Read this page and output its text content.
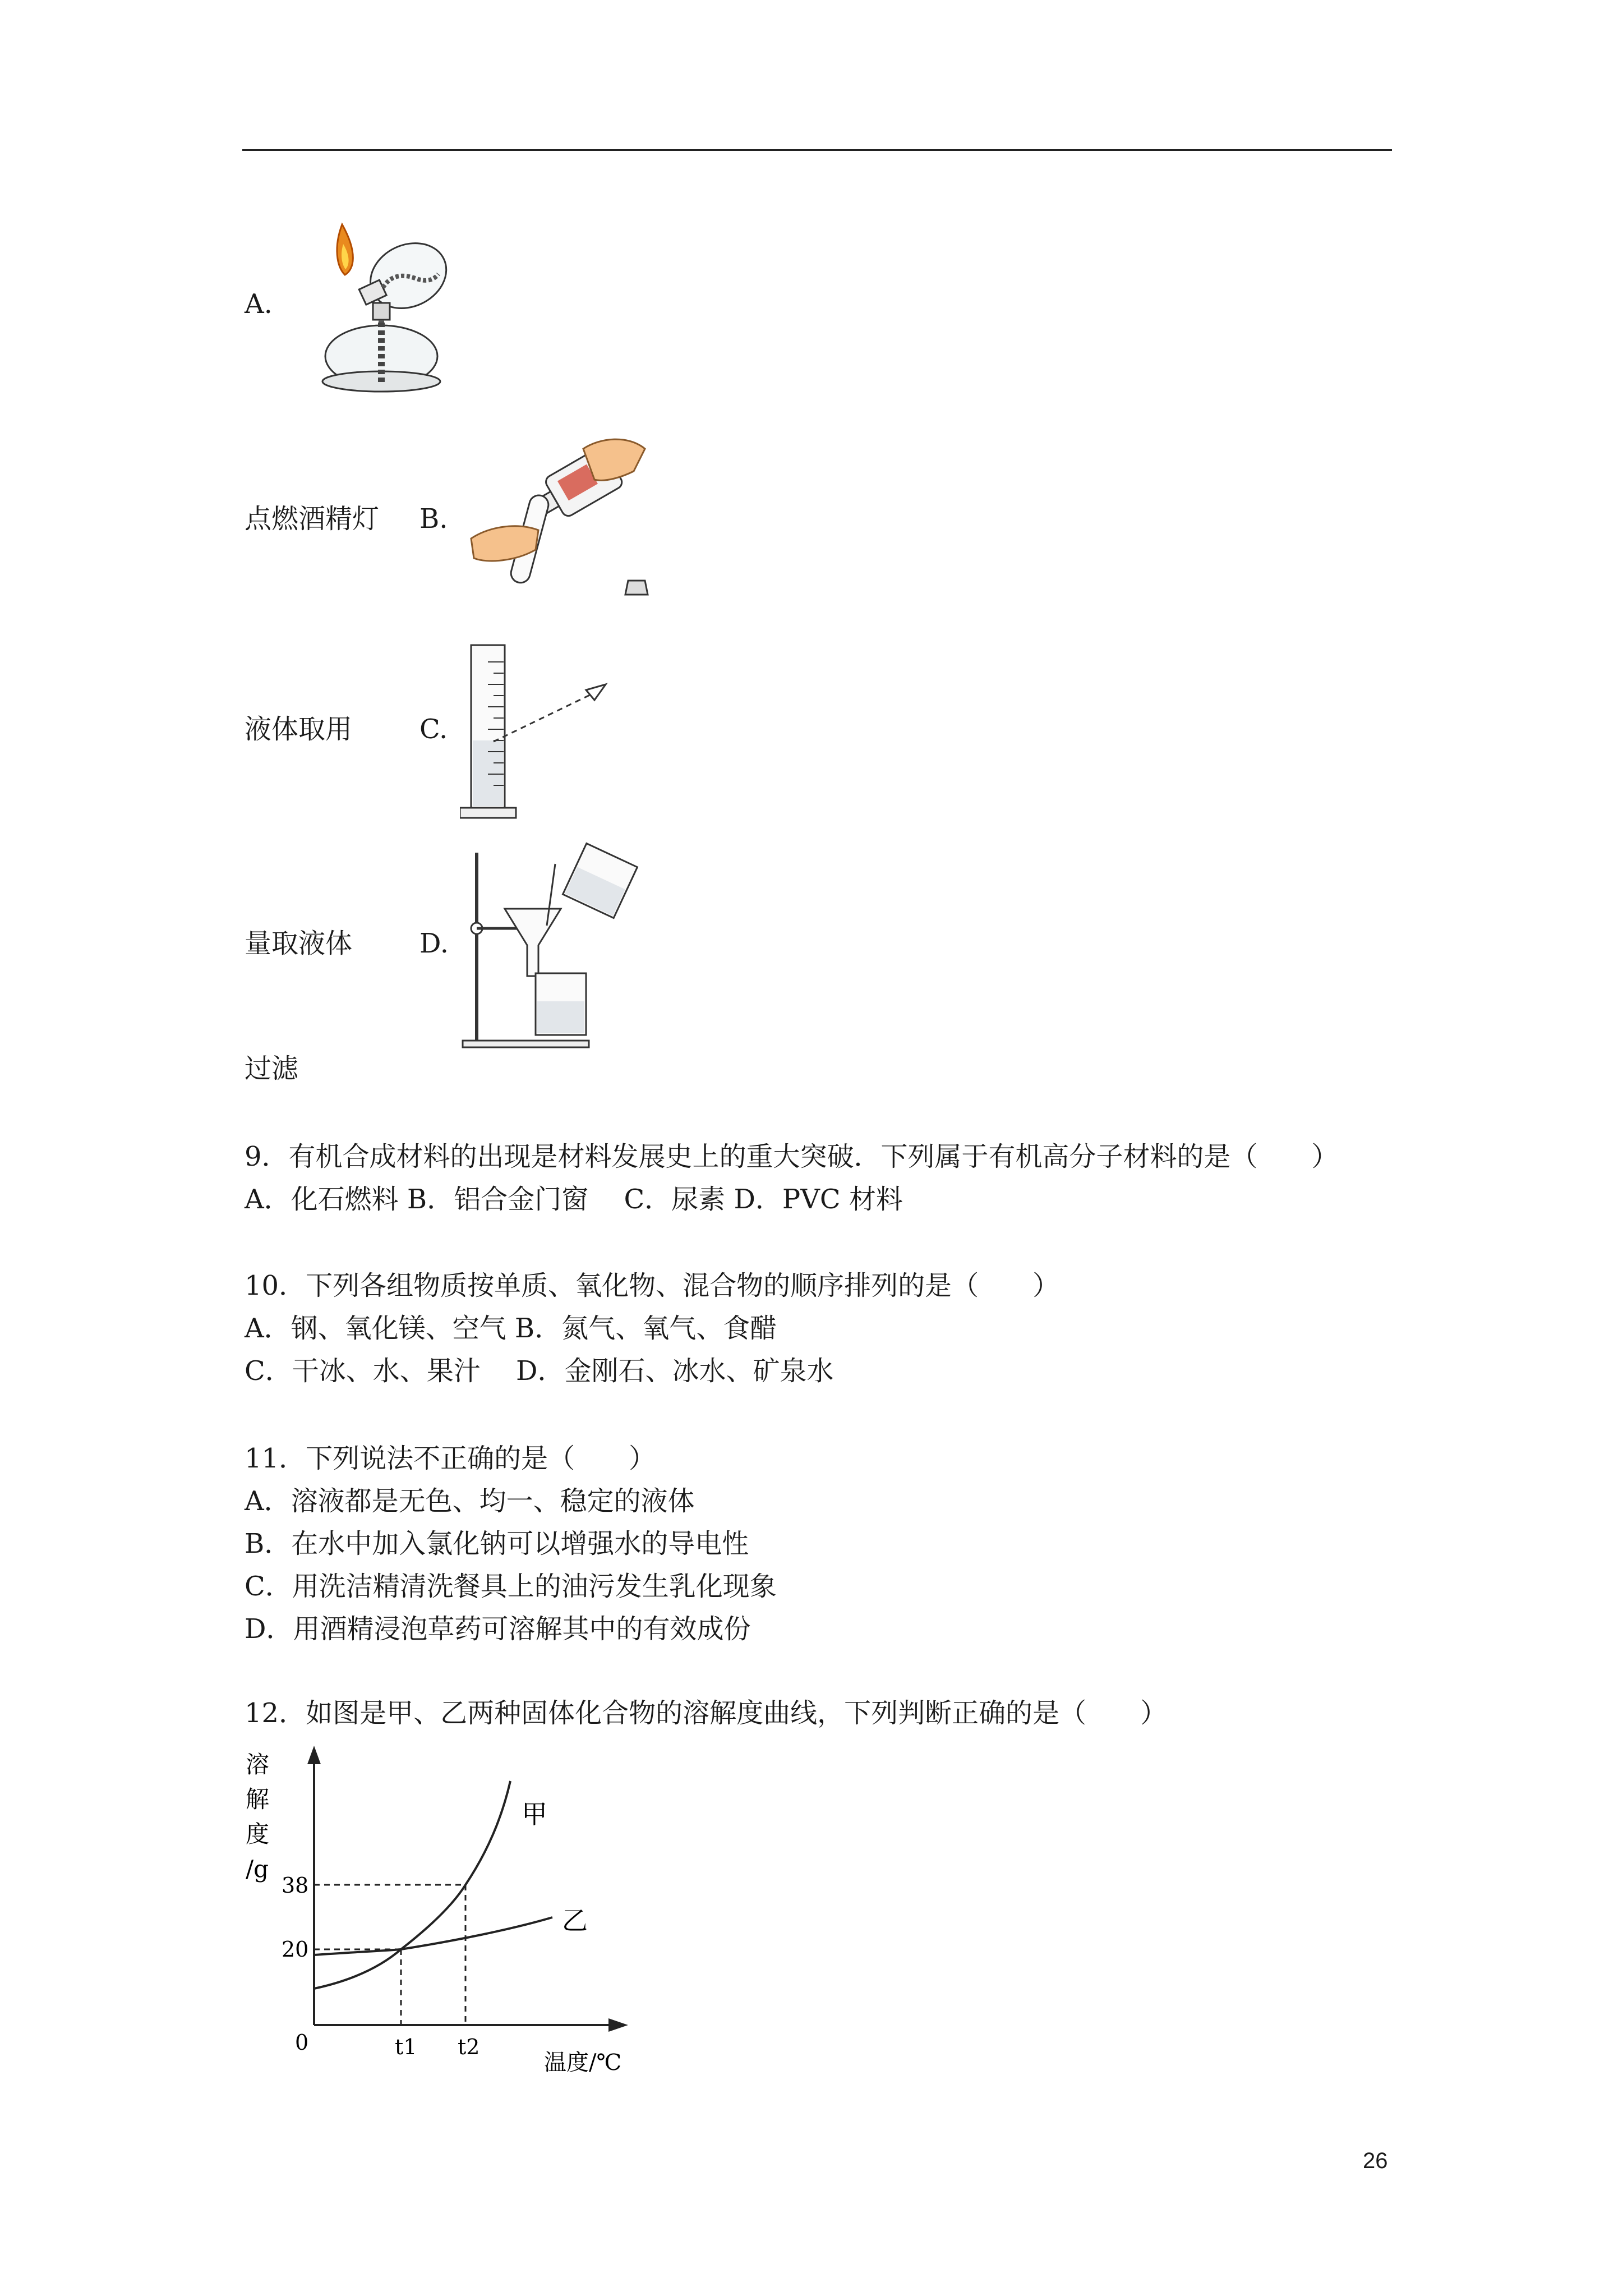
A.
点燃酒精灯 B.
液体取用 C.
量取液体 D.
过滤
9．有机合成材料的出现是材料发展史上的重大突破．下列属于有机高分子材料的是（　　）
A．化石燃料 B．铝合金门窗　 C．尿素 D．PVC 材料
10．下列各组物质按单质、氧化物、混合物的顺序排列的是（　　）
A．钢、氧化镁、空气 B．氮气、氧气、食醋
C．干冰、水、果汁　 D．金刚石、冰水、矿泉水
11．下列说法不正确的是（　　）
A．溶液都是无色、均一、稳定的液体
B．在水中加入氯化钠可以增强水的导电性
C．用洗洁精清洗餐具上的油污发生乳化现象
D．用酒精浸泡草药可溶解其中的有效成份
12．如图是甲、乙两种固体化合物的溶解度曲线，下列判断正确的是（　　）
溶
解
度
/g
38
20
0	t1 t2
温度/℃
甲
乙
26
